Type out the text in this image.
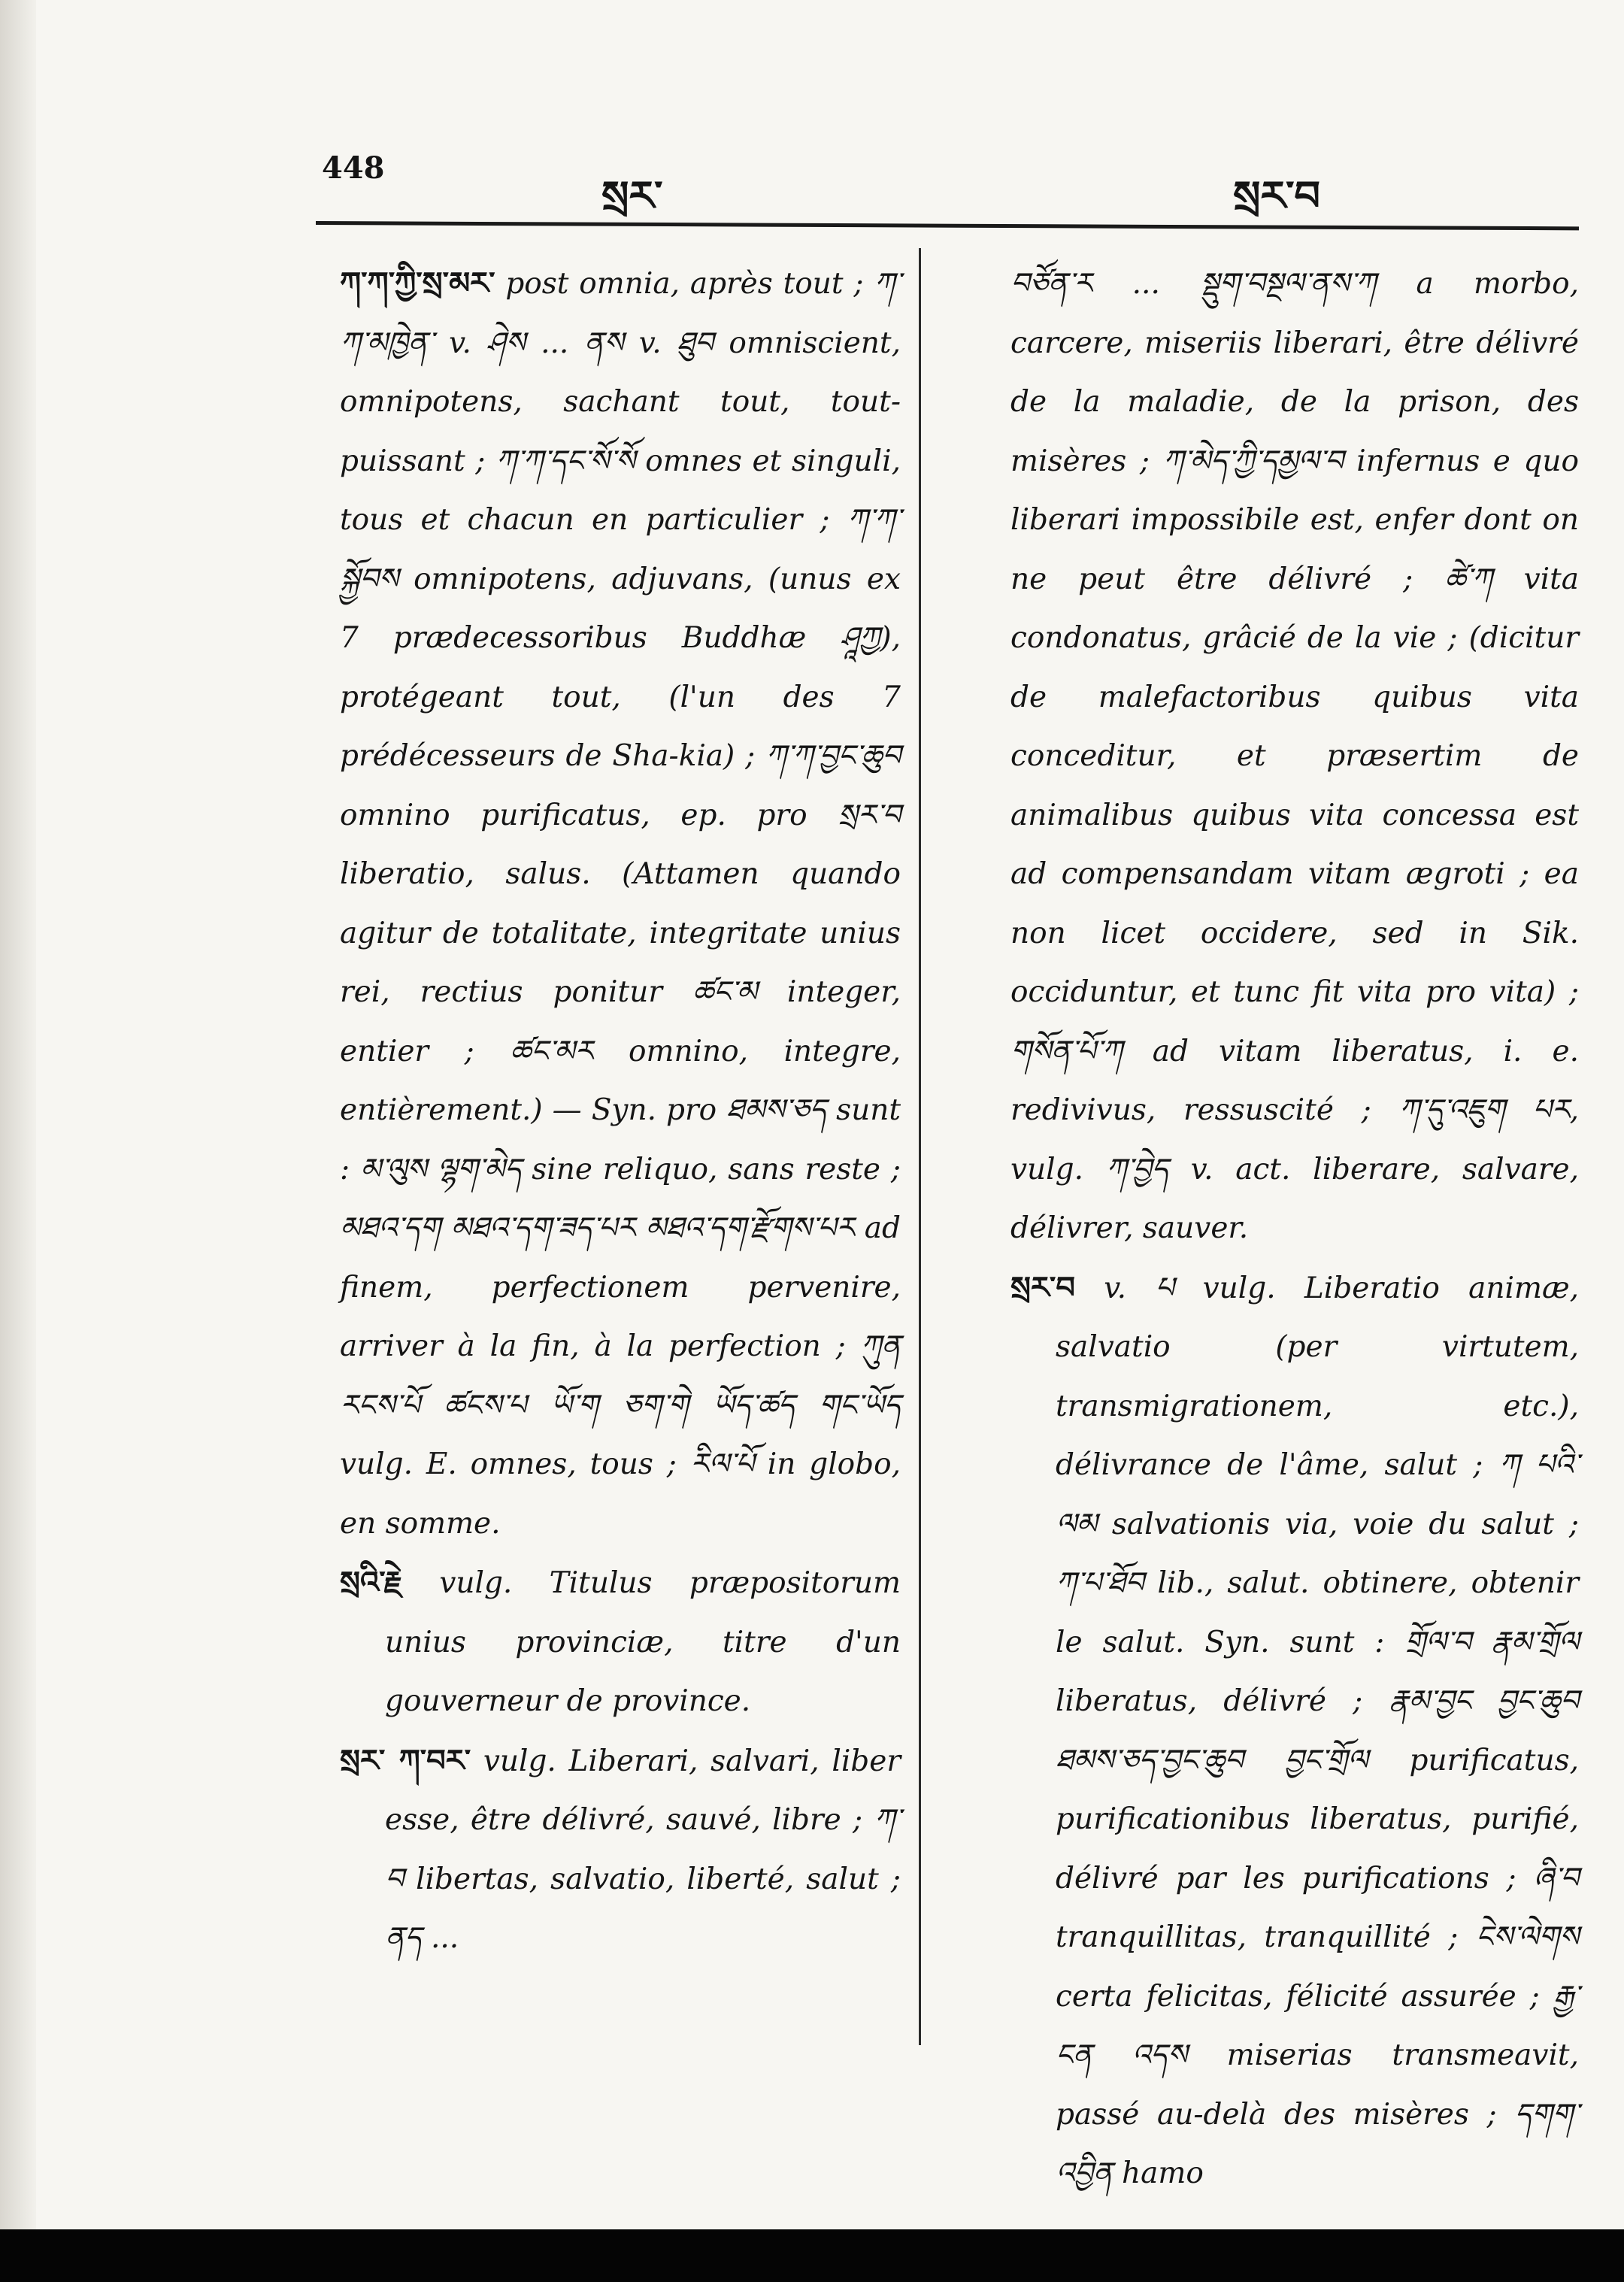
448
སྲར་	སྲར་བ

ཀ་ཀ་ཀྱི་སྲ་མར་ post omnia, après tout ; ཀ་ཀ་མཁྱེན་ v. ཤེས ... ནས v. ཐུབ omniscient, omnipotens, sachant tout, tout-puissant ; ཀ་ཀ་དང་སོ་སོ omnes et singuli, tous et chacun en particulier ; ཀ་ཀ་སྐྱོབས omnipotens, adjuvans, (unus ex 7 prædecessoribus Buddhæ ཤཱཀྱ), protégeant tout, (l'un des 7 prédécesseurs de Sha-kia) ; ཀ་ཀ་བྱང་ཆུབ omnino purificatus, ep. pro སྲར་བ liberatio, salus. (Attamen quando agitur de totalitate, integritate unius rei, rectius ponitur ཚང་མ integer, entier ; ཚང་མར omnino, integre, entièrement.) — Syn. pro ཐམས་ཅད sunt : མ་ལུས ལྷག་མེད sine reliquo, sans reste ; མཐའ་དག མཐའ་དག་ཟད་པར མཐའ་དག་རྫོགས་པར ad finem, perfectionem pervenire, arriver à la fin, à la perfection ; ཀུན རངས་པོ ཚངས་པ ཡོ་ག ཅག་གེ ཡོད་ཚད གང་ཡོད vulg. E. omnes, tous ; རིལ་པོ in globo, en somme.

སྲའི་རྗེ vulg. Titulus præpositorum unius provinciæ, titre d'un gouverneur de province.

སྲར་ ཀ་བར་ vulg. Liberari, salvari, liber esse, être délivré, sauvé, libre ; ཀ་བ libertas, salvatio, liberté, salut ; ནད ...

བཙོན་ར ... སྡུག་བསྔལ་ནས་ཀ a morbo, carcere, miseriis liberari, être délivré de la maladie, de la prison, des misères ; ཀ་མེད་ཀྱི་དམྱལ་བ infernus e quo liberari impossibile est, enfer dont on ne peut être délivré ; ཚེ་ཀ vita condonatus, grâcié de la vie ; (dicitur de malefactoribus quibus vita conceditur, et præsertim de animalibus quibus vita concessa est ad compensandam vitam ægroti ; ea non licet occidere, sed in Sik. occiduntur, et tunc fit vita pro vita) ; གསོན་པོ་ཀ ad vitam liberatus, i. e. redivivus, ressuscité ; ཀ་དུ་འཇུག པར, vulg. ཀ་བྱེད v. act. liberare, salvare, délivrer, sauver.

སྲར་བ v. པ vulg. Liberatio animæ, salvatio (per virtutem, transmigrationem, etc.), délivrance de l'âme, salut ; ཀ པའི་ལམ salvationis via, voie du salut ; ཀ་པ་ཐོབ lib., salut. obtinere, obtenir le salut. Syn. sunt : གྲོལ་བ རྣམ་གྲོལ liberatus, délivré ; རྣམ་བྱང བྱང་ཆུབ ཐམས་ཅད་བྱང་ཆུབ བྱང་གྲོལ purificatus, purificationibus liberatus, purifié, délivré par les purifications ; ཞི་བ tranquillitas, tranquillité ; ངེས་ལེགས certa felicitas, félicité assurée ; རྒྱ་ངན འདས miserias transmeavit, passé au-delà des misères ; དགག་འབྱིན hamo
